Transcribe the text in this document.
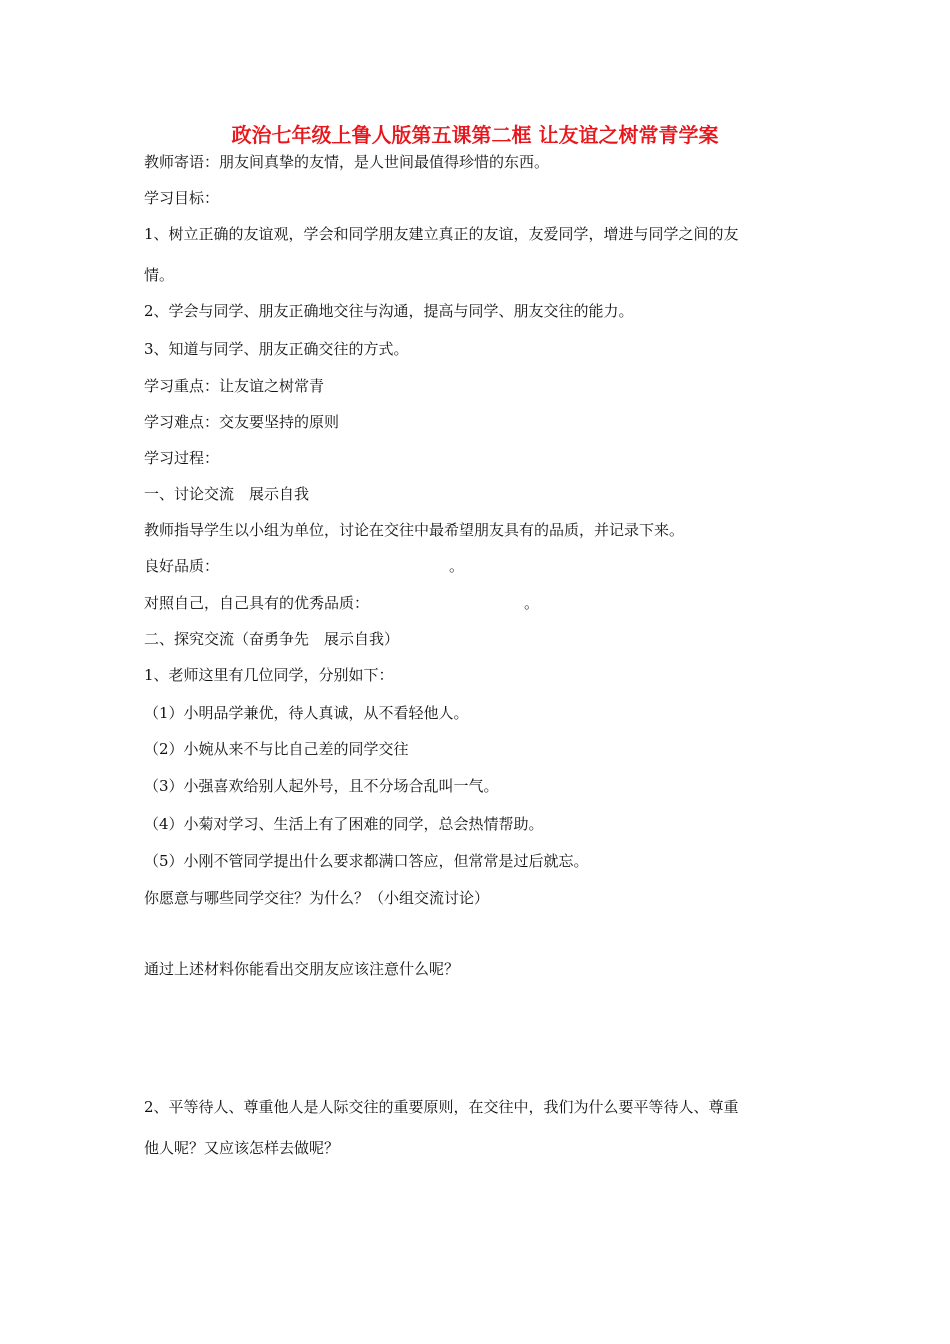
政治七年级上鲁人版第五课第二框 让友谊之树常青学案
教师寄语：朋友间真挚的友情，是人世间最值得珍惜的东西。
学习目标：
1、树立正确的友谊观，学会和同学朋友建立真正的友谊，友爱同学，增进与同学之间的友
情。
2、学会与同学、朋友正确地交往与沟通，提高与同学、朋友交往的能力。
3、知道与同学、朋友正确交往的方式。
学习重点：让友谊之树常青
学习难点：交友要坚持的原则
学习过程：
一、讨论交流　展示自我
教师指导学生以小组为单位，讨论在交往中最希望朋友具有的品质，并记录下来。
良好品质：	。
对照自己，自己具有的优秀品质：	。
二、探究交流（奋勇争先　展示自我）
1、老师这里有几位同学，分别如下：
（1）小明品学兼优，待人真诚，从不看轻他人。
（2）小婉从来不与比自己差的同学交往
（3）小强喜欢给别人起外号，且不分场合乱叫一气。
（4）小菊对学习、生活上有了困难的同学，总会热情帮助。
（5）小刚不管同学提出什么要求都满口答应，但常常是过后就忘。
你愿意与哪些同学交往？为什么？（小组交流讨论）
通过上述材料你能看出交朋友应该注意什么呢？
2、平等待人、尊重他人是人际交往的重要原则，在交往中，我们为什么要平等待人、尊重
他人呢？又应该怎样去做呢？
